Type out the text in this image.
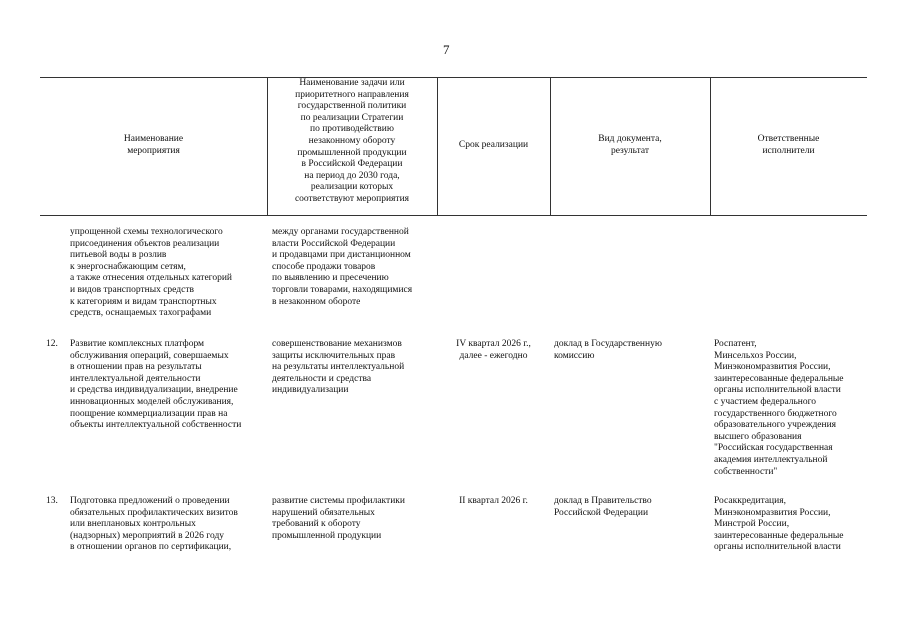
7
Наименование
мероприятия
Наименование задачи или
приоритетного направления
государственной политики
по реализации Стратегии
по противодействию
незаконному обороту
промышленной продукции
в Российской Федерации
на период до 2030 года,
реализации которых
соответствуют мероприятия
Срок реализации
Вид документа,
результат
Ответственные
исполнители
упрощенной схемы технологического
присоединения объектов реализации
питьевой воды в розлив
к энергоснабжающим сетям,
а также отнесения отдельных категорий
и видов транспортных средств
к категориям и видам транспортных
средств, оснащаемых тахографами
между органами государственной
власти Российской Федерации
и продавцами при дистанционном
способе продажи товаров
по выявлению и пресечению
торговли товарами, находящимися
в незаконном обороте
12. Развитие комплексных платформ
обслуживания операций, совершаемых
в отношении прав на результаты
интеллектуальной деятельности
и средства индивидуализации, внедрение
инновационных моделей обслуживания,
поощрение коммерциализации прав на
объекты интеллектуальной собственности
совершенствование механизмов
защиты исключительных прав
на результаты интеллектуальной
деятельности и средства
индивидуализации
IV квартал 2026 г.,
далее - ежегодно
доклад в Государственную
комиссию
Роспатент,
Минсельхоз России,
Минэкономразвития России,
заинтересованные федеральные
органы исполнительной власти
с участием федерального
государственного бюджетного
образовательного учреждения
высшего образования
"Российская государственная
академия интеллектуальной
собственности"
13. Подготовка предложений о проведении
обязательных профилактических визитов
или внеплановых контрольных
(надзорных) мероприятий в 2026 году
в отношении органов по сертификации,
развитие системы профилактики
нарушений обязательных
требований к обороту
промышленной продукции
II квартал 2026 г.	доклад в Правительство
Российской Федерации
Росаккредитация,
Минэкономразвития России,
Минстрой России,
заинтересованные федеральные
органы исполнительной власти
